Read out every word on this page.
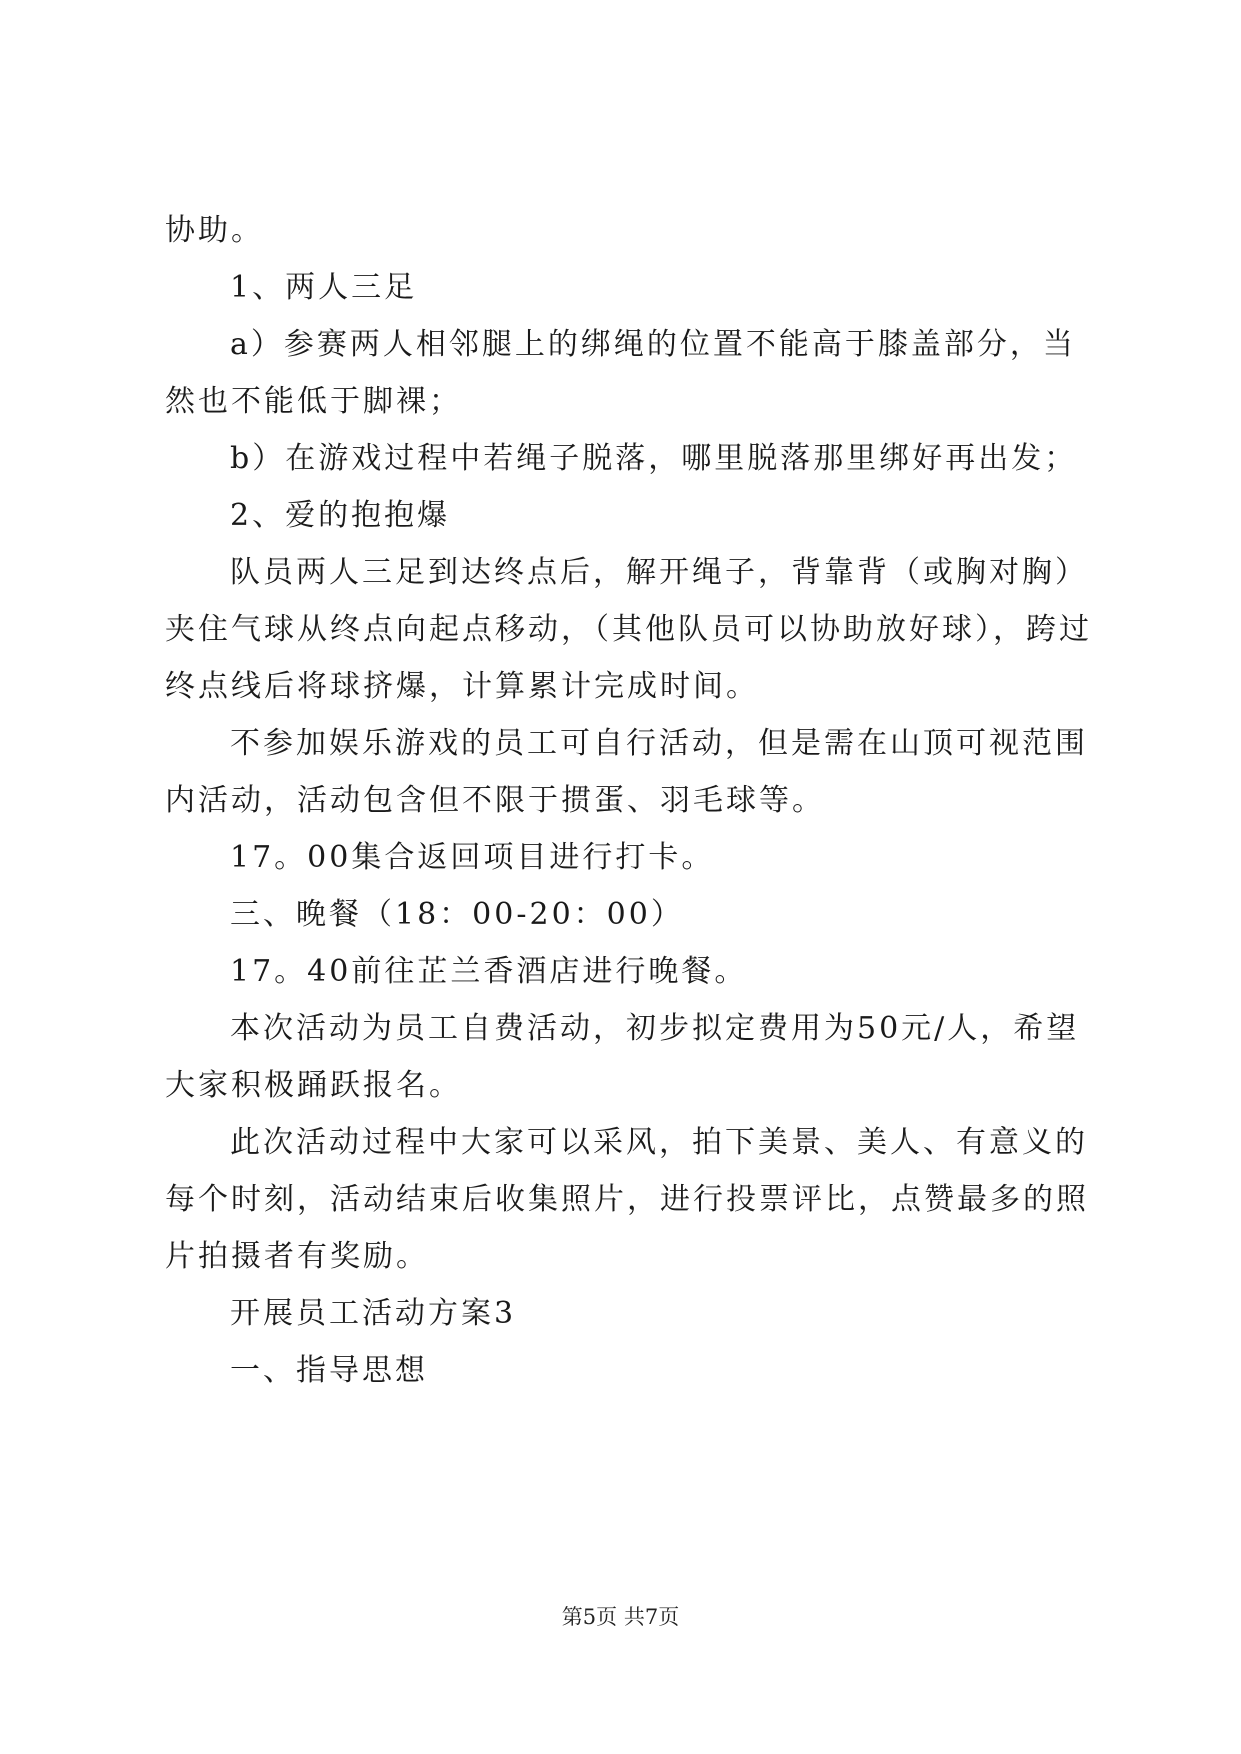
协助。
1、两人三足
a）参赛两人相邻腿上的绑绳的位置不能高于膝盖部分，当
然也不能低于脚裸；
b）在游戏过程中若绳子脱落，哪里脱落那里绑好再出发；
2、爱的抱抱爆
队员两人三足到达终点后，解开绳子，背靠背（或胸对胸）
夹住气球从终点向起点移动，（其他队员可以协助放好球），跨过
终点线后将球挤爆，计算累计完成时间。
不参加娱乐游戏的员工可自行活动，但是需在山顶可视范围
内活动，活动包含但不限于掼蛋、羽毛球等。
17。00集合返回项目进行打卡。
三、晚餐（18：00-20：00）
17。40前往芷兰香酒店进行晚餐。
本次活动为员工自费活动，初步拟定费用为50元/人，希望
大家积极踊跃报名。
此次活动过程中大家可以采风，拍下美景、美人、有意义的
每个时刻，活动结束后收集照片，进行投票评比，点赞最多的照
片拍摄者有奖励。
开展员工活动方案3
一、指导思想
第5页 共7页
